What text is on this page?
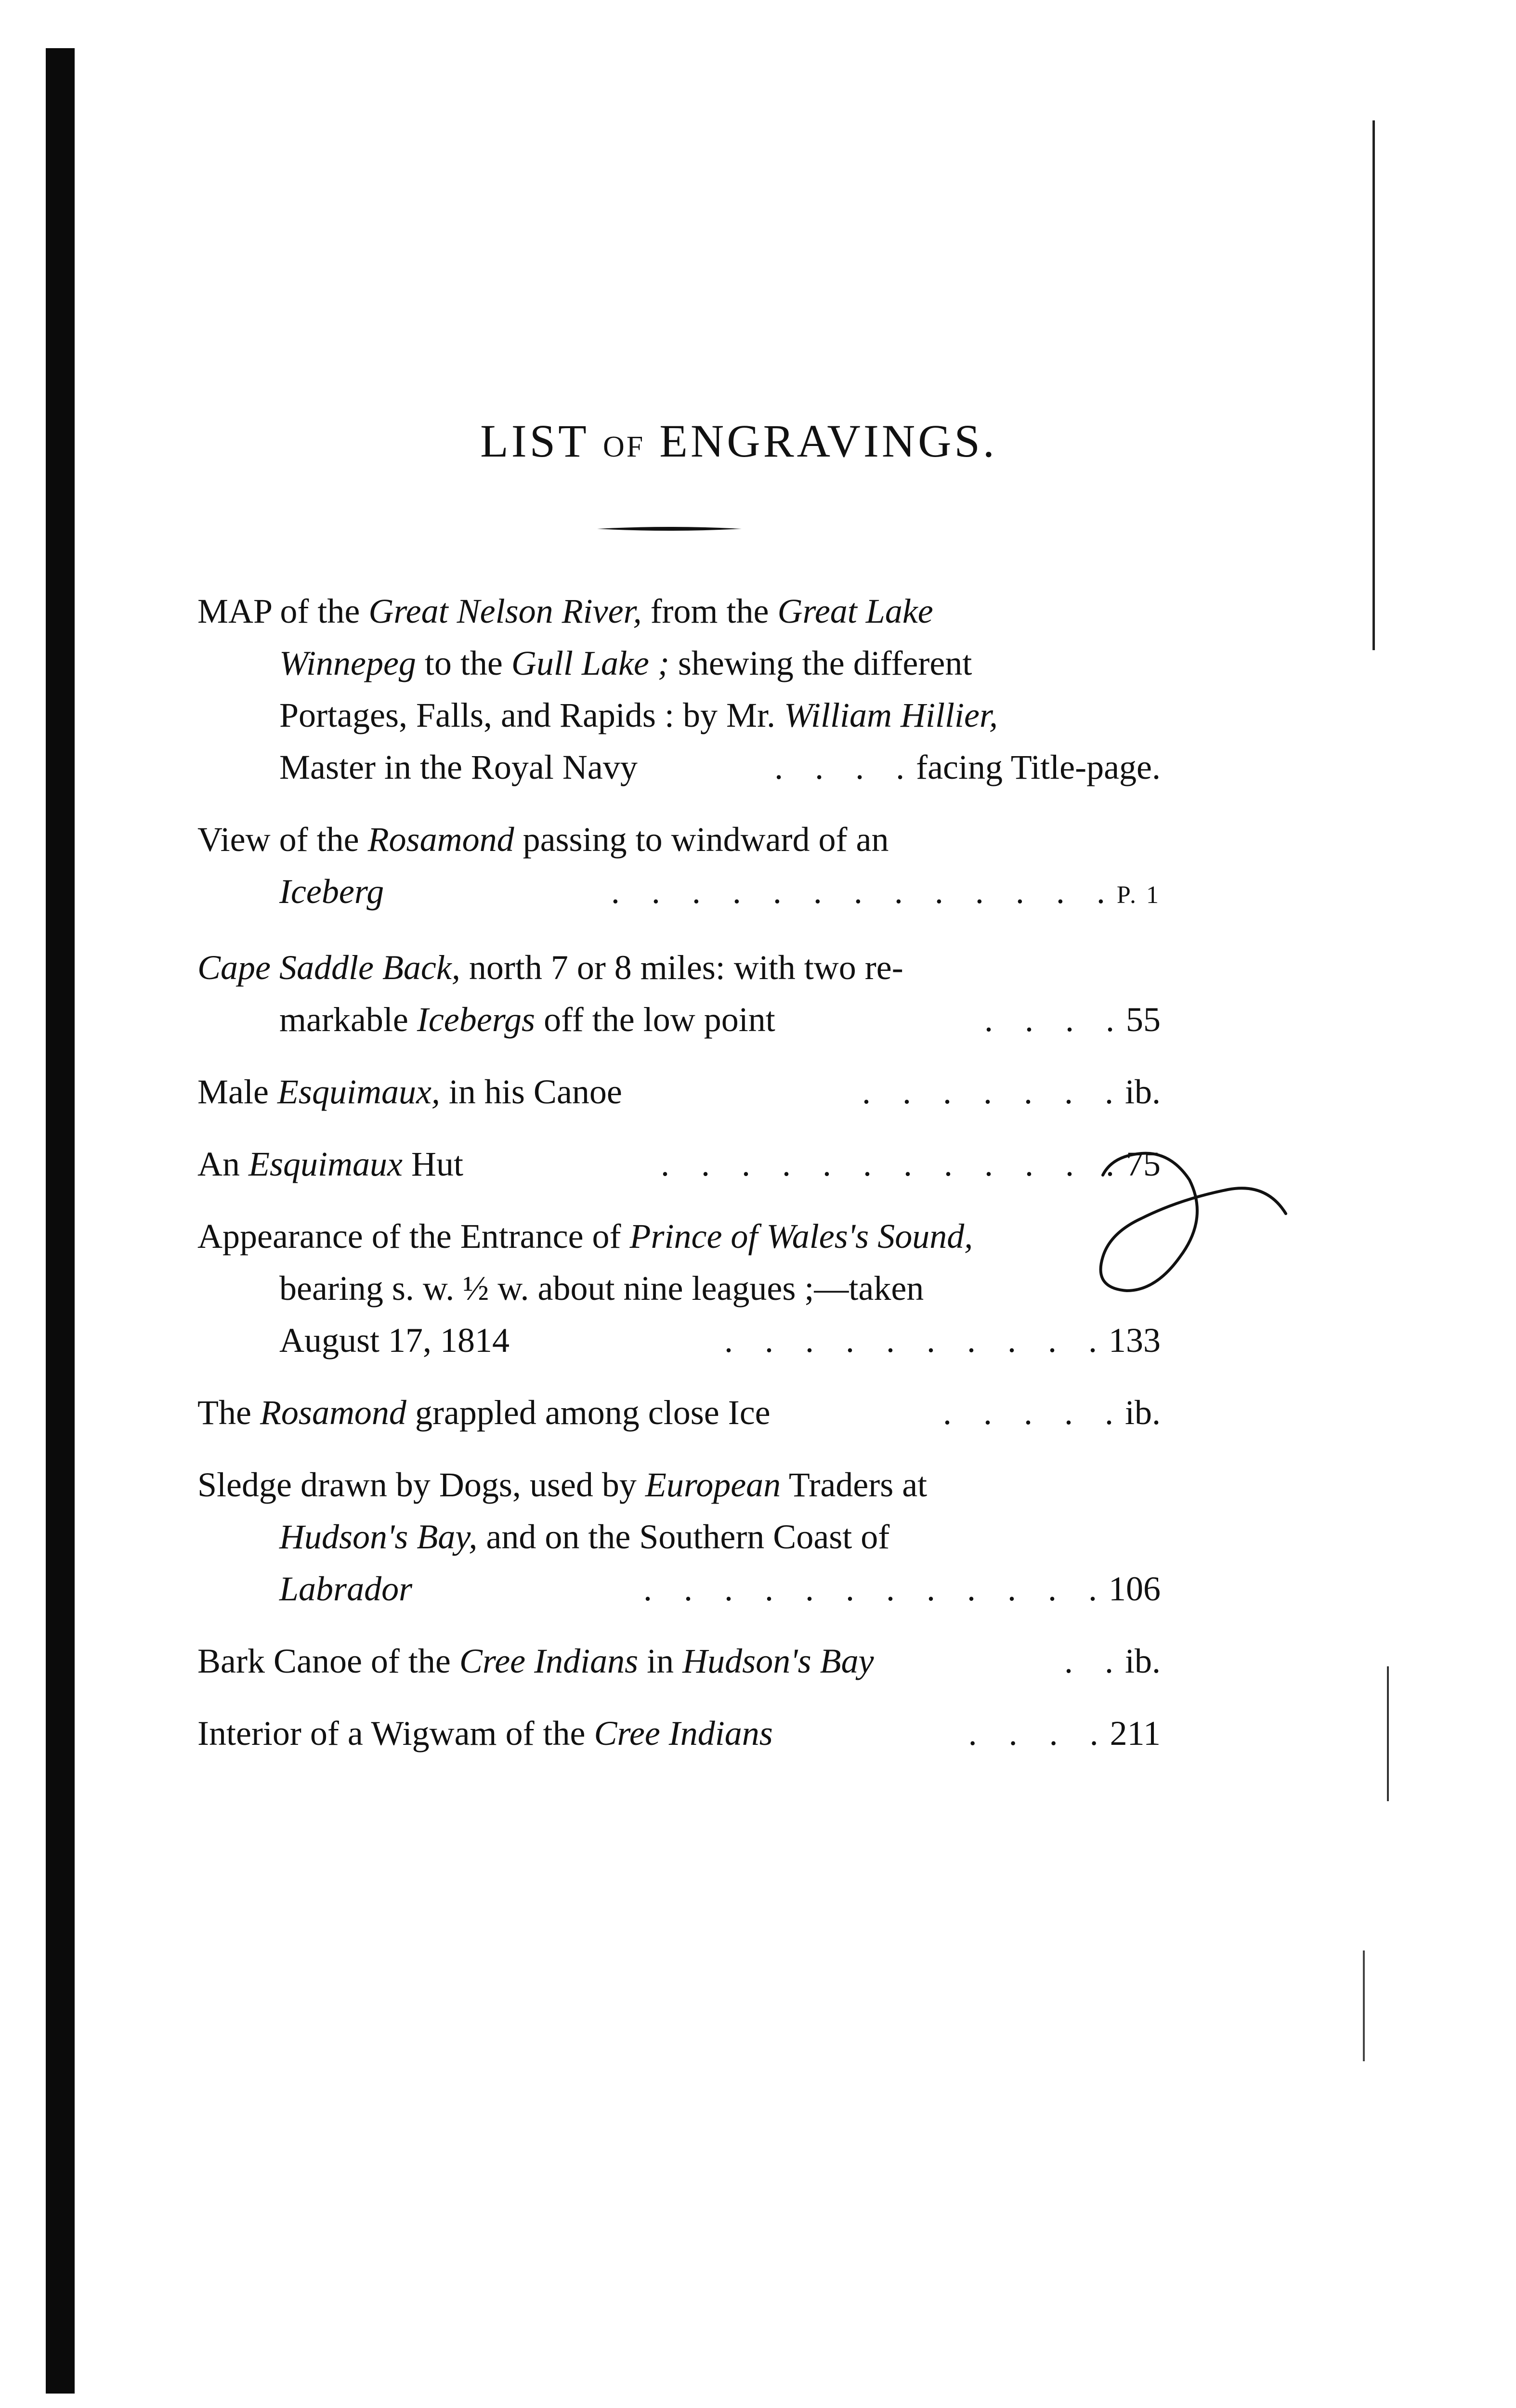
LIST OF ENGRAVINGS.
MAP of the Great Nelson River, from the Great Lake
Winnepeg to the Gull Lake ; shewing the different
Portages, Falls, and Rapids : by Mr. William Hillier,
Master in the Royal Navy	. . . . facing Title-page.
View of the Rosamond passing to windward of an
Iceberg	. . . . . . . . . . . . . P. 1
Cape Saddle Back, north 7 or 8 miles: with two re-
markable Icebergs off the low point	. . . . 55
Male Esquimaux, in his Canoe	. . . . . . . ib.
An Esquimaux Hut	. . . . . . . . . . . . 75
Appearance of the Entrance of Prince of Wales's Sound,
bearing s. w. ½ w. about nine leagues ;—taken
August 17, 1814	. . . . . . . . . . 133
The Rosamond grappled among close Ice	. . . . . ib.
Sledge drawn by Dogs, used by European Traders at
Hudson's Bay, and on the Southern Coast of
Labrador	. . . . . . . . . . . . 106
Bark Canoe of the Cree Indians in Hudson's Bay	. . ib.
Interior of a Wigwam of the Cree Indians	. . . . 211
